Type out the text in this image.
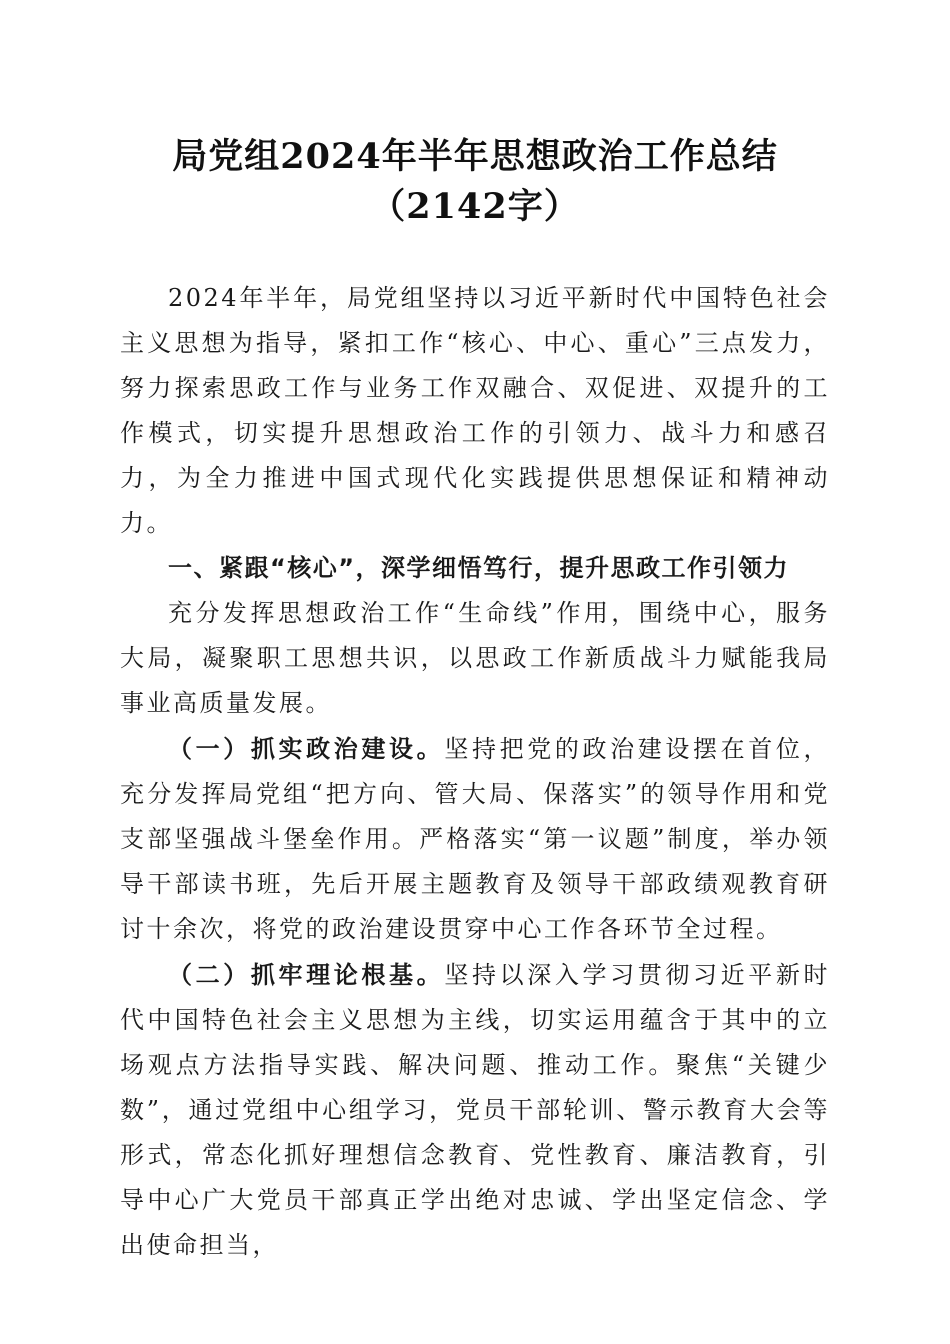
局党组2024年半年思想政治工作总结（2142字）

2024年半年，局党组坚持以习近平新时代中国特色社会主义思想为指导，紧扣工作“核心、中心、重心”三点发力，努力探索思政工作与业务工作双融合、双促进、双提升的工作模式，切实提升思想政治工作的引领力、战斗力和感召力，为全力推进中国式现代化实践提供思想保证和精神动力。

一、紧跟“核心”，深学细悟笃行，提升思政工作引领力

充分发挥思想政治工作“生命线”作用，围绕中心，服务大局，凝聚职工思想共识，以思政工作新质战斗力赋能我局事业高质量发展。

（一）抓实政治建设。坚持把党的政治建设摆在首位，充分发挥局党组“把方向、管大局、保落实”的领导作用和党支部坚强战斗堡垒作用。严格落实“第一议题”制度，举办领导干部读书班，先后开展主题教育及领导干部政绩观教育研讨十余次，将党的政治建设贯穿中心工作各环节全过程。

（二）抓牢理论根基。坚持以深入学习贯彻习近平新时代中国特色社会主义思想为主线，切实运用蕴含于其中的立场观点方法指导实践、解决问题、推动工作。聚焦“关键少数”，通过党组中心组学习，党员干部轮训、警示教育大会等形式，常态化抓好理想信念教育、党性教育、廉洁教育，引导中心广大党员干部真正学出绝对忠诚、学出坚定信念、学出使命担当，
